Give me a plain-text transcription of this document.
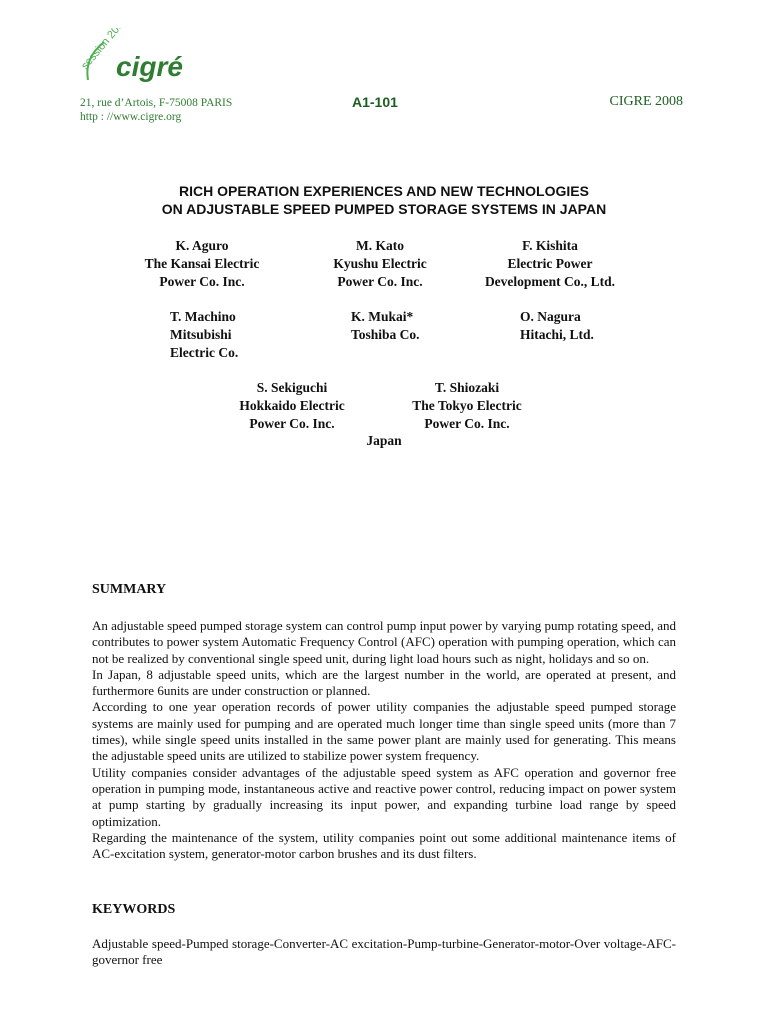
session 2008
cigré
21, rue d’Artois, F-75008 PARIS
http : //www.cigre.org
A1-101	CIGRE 2008
RICH OPERATION EXPERIENCES AND NEW TECHNOLOGIES
ON ADJUSTABLE SPEED PUMPED STORAGE SYSTEMS IN JAPAN
K. Aguro
The Kansai Electric
Power Co. Inc.
M. Kato
Kyushu Electric
Power Co. Inc.
F. Kishita
Electric Power
Development Co., Ltd.
T. Machino
Mitsubishi
Electric Co.
K. Mukai*
Toshiba Co.
O. Nagura
Hitachi, Ltd.
S. Sekiguchi
Hokkaido Electric
Power Co. Inc.
T. Shiozaki
The Tokyo Electric
Power Co. Inc.
Japan
SUMMARY

An adjustable speed pumped storage system can control pump input power by varying pump rotating speed, and contributes to power system Automatic Frequency Control (AFC) operation with pumping operation, which can not be realized by conventional single speed unit, during light load hours such as night, holidays and so on.

In Japan, 8 adjustable speed units, which are the largest number in the world, are operated at present, and furthermore 6units are under construction or planned.

According to one year operation records of power utility companies the adjustable speed pumped storage systems are mainly used for pumping and are operated much longer time than single speed units (more than 7 times), while single speed units installed in the same power plant are mainly used for generating. This means the adjustable speed units are utilized to stabilize power system frequency.

Utility companies consider advantages of the adjustable speed system as AFC operation and governor free operation in pumping mode, instantaneous active and reactive power control, reducing impact on power system at pump starting by gradually increasing its input power, and expanding turbine load range by speed optimization.

Regarding the maintenance of the system, utility companies point out some additional maintenance items of AC-excitation system, generator-motor carbon brushes and its dust filters.

KEYWORDS
Adjustable speed-Pumped storage-Converter-AC excitation-Pump-turbine-Generator-motor-Over voltage-AFC-governor free
